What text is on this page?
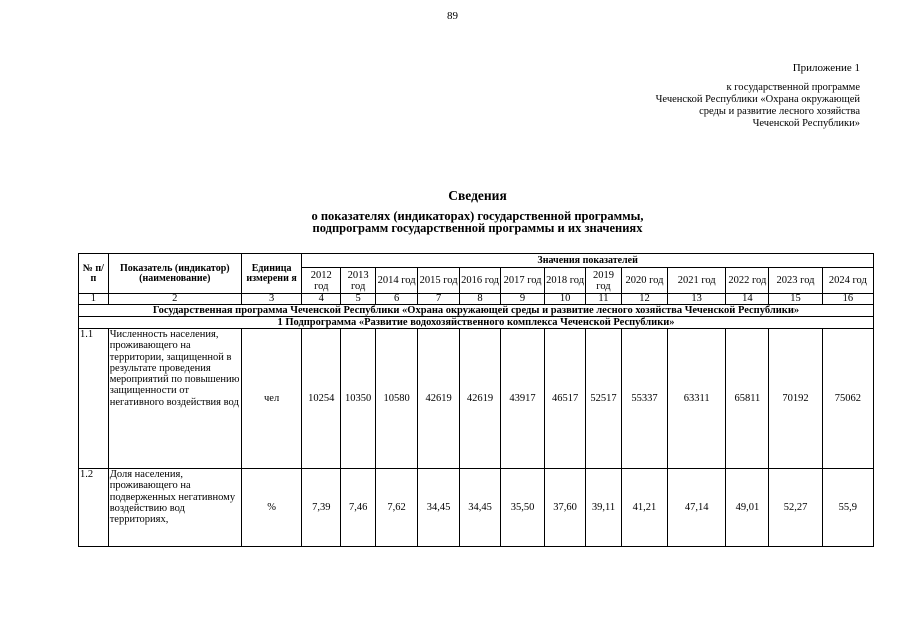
89
Приложение 1
к государственной программе
Чеченской Республики «Охрана окружающей
среды и развитие лесного хозяйства
Чеченской Республики»
Сведения
о показателях (индикаторах) государственной программы,
подпрограмм государственной программы и их значениях
№ п/п	Показатель (индикатор) (наименование)	Единица измерени я	Значения показателей												
			2012 год	2013 год	2014 год	2015 год	2016 год	2017 год	2018 год	2019 год	2020 год	2021 год	2022 год	2023 год	2024 год
1	2	3	4	5	6	7	8	9	10	11	12	13	14	15	16
Государственная программа Чеченской Республики «Охрана окружающей среды и развитие лесного хозяйства Чеченской Республики»															
1 Подпрограмма «Развитие водохозяйственного комплекса Чеченской Республики»															
1.1	Численность населения, проживающего на территории, защищенной в результате проведения мероприятий по повышению защищенности от негативного воздействия вод	чел	10254	10350	10580	42619	42619	43917	46517	52517	55337	63311	65811	70192	75062
1.2	Доля населения, проживающего на подверженных негативному воздействию вод территориях,	%	7,39	7,46	7,62	34,45	34,45	35,50	37,60	39,11	41,21	47,14	49,01	52,27	55,9
